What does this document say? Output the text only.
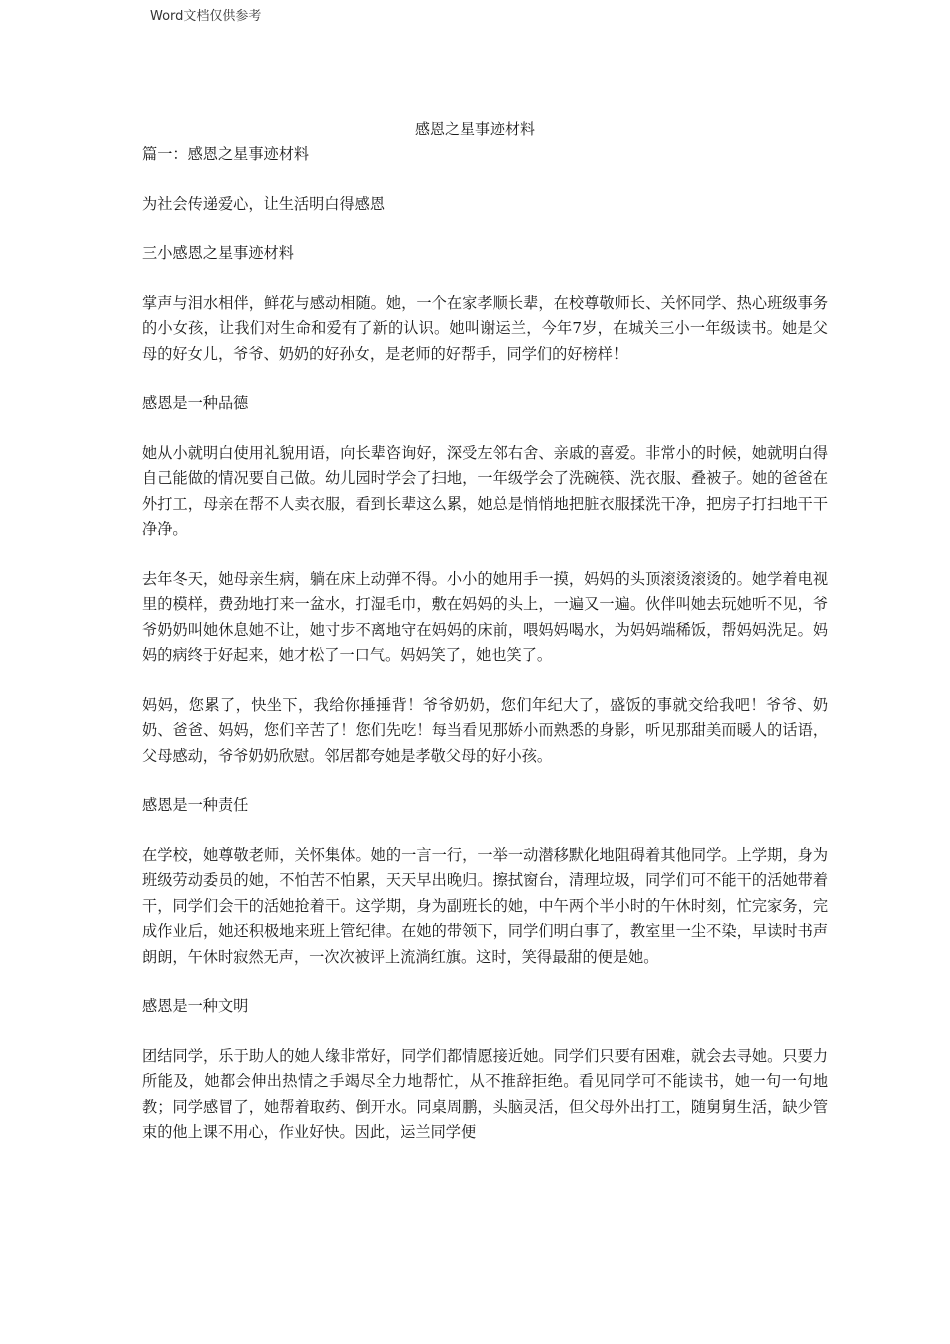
Word文档仅供参考
感恩之星事迹材料

篇一：感恩之星事迹材料

为社会传递爱心，让生活明白得感恩

三小感恩之星事迹材料

掌声与泪水相伴，鲜花与感动相随。她，一个在家孝顺长辈，在校尊敬师长、关怀同学、热心班级事务的小女孩，让我们对生命和爱有了新的认识。她叫谢运兰，今年7岁，在城关三小一年级读书。她是父母的好女儿，爷爷、奶奶的好孙女，是老师的好帮手，同学们的好榜样！

感恩是一种品德

她从小就明白使用礼貌用语，向长辈咨询好，深受左邻右舍、亲戚的喜爱。非常小的时候，她就明白得自己能做的情况要自己做。幼儿园时学会了扫地，一年级学会了洗碗筷、洗衣服、叠被子。她的爸爸在外打工，母亲在帮不人卖衣服，看到长辈这么累，她总是悄悄地把脏衣服揉洗干净，把房子打扫地干干净净。

去年冬天，她母亲生病，躺在床上动弹不得。小小的她用手一摸，妈妈的头顶滚烫滚烫的。她学着电视里的模样，费劲地打来一盆水，打湿毛巾，敷在妈妈的头上，一遍又一遍。伙伴叫她去玩她听不见，爷爷奶奶叫她休息她不让，她寸步不离地守在妈妈的床前，喂妈妈喝水，为妈妈端稀饭，帮妈妈洗足。妈妈的病终于好起来，她才松了一口气。妈妈笑了，她也笑了。

妈妈，您累了，快坐下，我给你捶捶背！爷爷奶奶，您们年纪大了，盛饭的事就交给我吧！爷爷、奶奶、爸爸、妈妈，您们辛苦了！您们先吃！每当看见那娇小而熟悉的身影，听见那甜美而暖人的话语，父母感动，爷爷奶奶欣慰。邻居都夸她是孝敬父母的好小孩。

感恩是一种责任

在学校，她尊敬老师，关怀集体。她的一言一行，一举一动潜移默化地阻碍着其他同学。上学期，身为班级劳动委员的她，不怕苦不怕累，天天早出晚归。擦拭窗台，清理垃圾，同学们可不能干的活她带着干，同学们会干的活她抢着干。这学期，身为副班长的她，中午两个半小时的午休时刻，忙完家务，完成作业后，她还积极地来班上管纪律。在她的带领下，同学们明白事了，教室里一尘不染，早读时书声朗朗，午休时寂然无声，一次次被评上流淌红旗。这时，笑得最甜的便是她。

感恩是一种文明

团结同学，乐于助人的她人缘非常好，同学们都情愿接近她。同学们只要有困难，就会去寻她。只要力所能及，她都会伸出热情之手竭尽全力地帮忙，从不推辞拒绝。看见同学可不能读书，她一句一句地教；同学感冒了，她帮着取药、倒开水。同桌周鹏，头脑灵活，但父母外出打工，随舅舅生活，缺少管束的他上课不用心，作业好快。因此，运兰同学便
